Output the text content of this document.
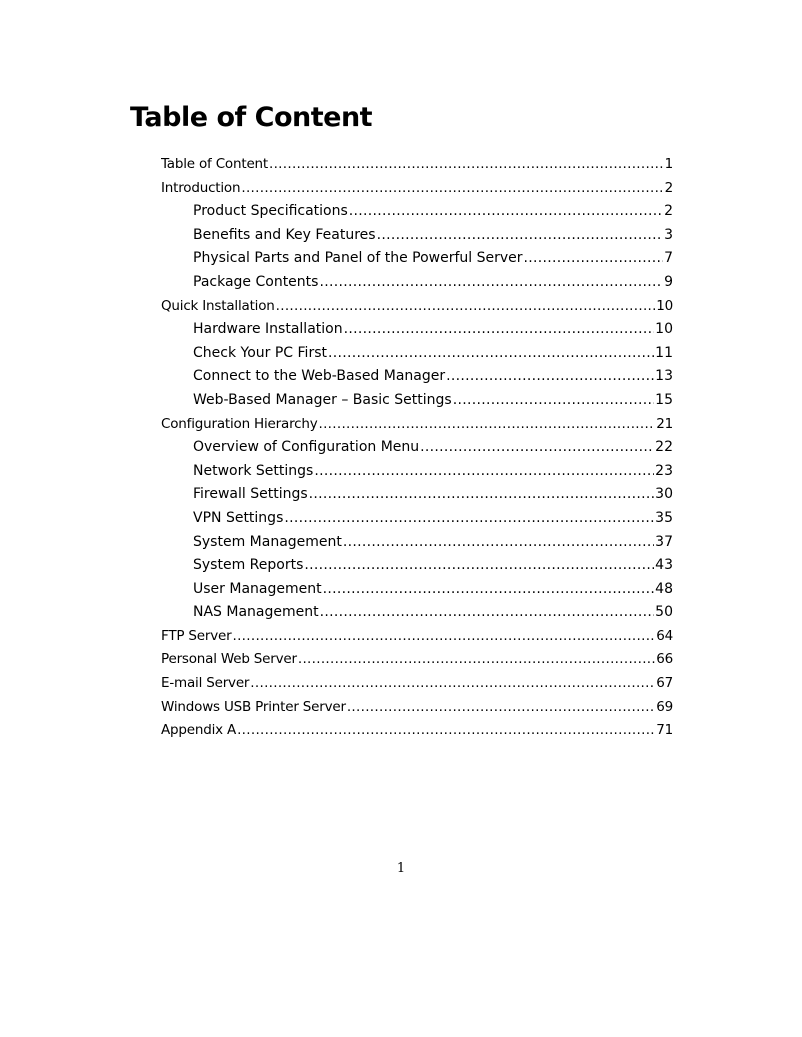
Table of Content
Table of Content .....	1
Introduction .....	2
Product Specifications .....	2
Benefits and Key Features .....	3
Physical Parts and Panel of the Powerful Server .....	7
Package Contents .....	9
Quick Installation .....	10
Hardware Installation .....	10
Check Your PC First .....	11
Connect to the Web-Based Manager .....	13
Web-Based Manager – Basic Settings .....	15
Configuration Hierarchy .....	21
Overview of Configuration Menu .....	22
Network Settings .....	23
Firewall Settings .....	30
VPN Settings .....	35
System Management .....	37
System Reports .....	43
User Management .....	48
NAS Management .....	50
FTP Server .....	64
Personal Web Server .....	66
E-mail Server .....	67
Windows USB Printer Server .....	69
Appendix A .....	71
1
